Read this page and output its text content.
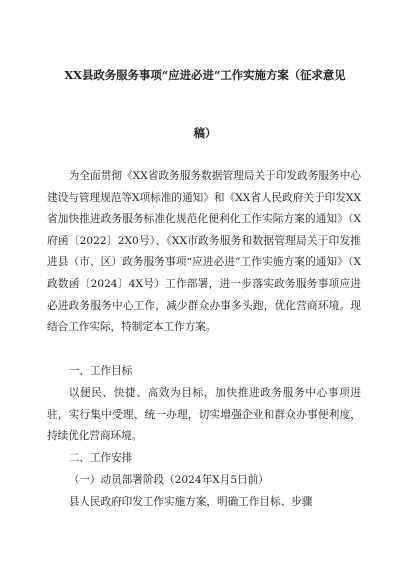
XX县政务服务事项“应进必进”工作实施方案（征求意见
稿）
为全面贯彻《XX省政务服务数据管理局关于印发政务服务中心建设与管理规范等X项标准的通知》和《XX省人民政府关于印发XX省加快推进政务服务标准化规范化便利化工作实际方案的通知》（X府函〔2022〕2X0号）、《XX市政务服务和数据管理局关于印发推进县（市、区）政务服务事项“应进必进”工作实施方案的通知》（X政数函〔2024〕4X号）工作部署，进一步落实政务服务事项应进必进政务服务中心工作，减少群众办事多头跑，优化营商环境。现结合工作实际，特制定本工作方案。
一、工作目标
以便民、快捷、高效为目标，加快推进政务服务中心事项进驻，实行集中受理、统一办理，切实增强企业和群众办事便利度，持续优化营商环境。
二、工作安排
（一）动员部署阶段（2024年X月5日前）
县人民政府印发工作实施方案，明确工作目标、步骤
